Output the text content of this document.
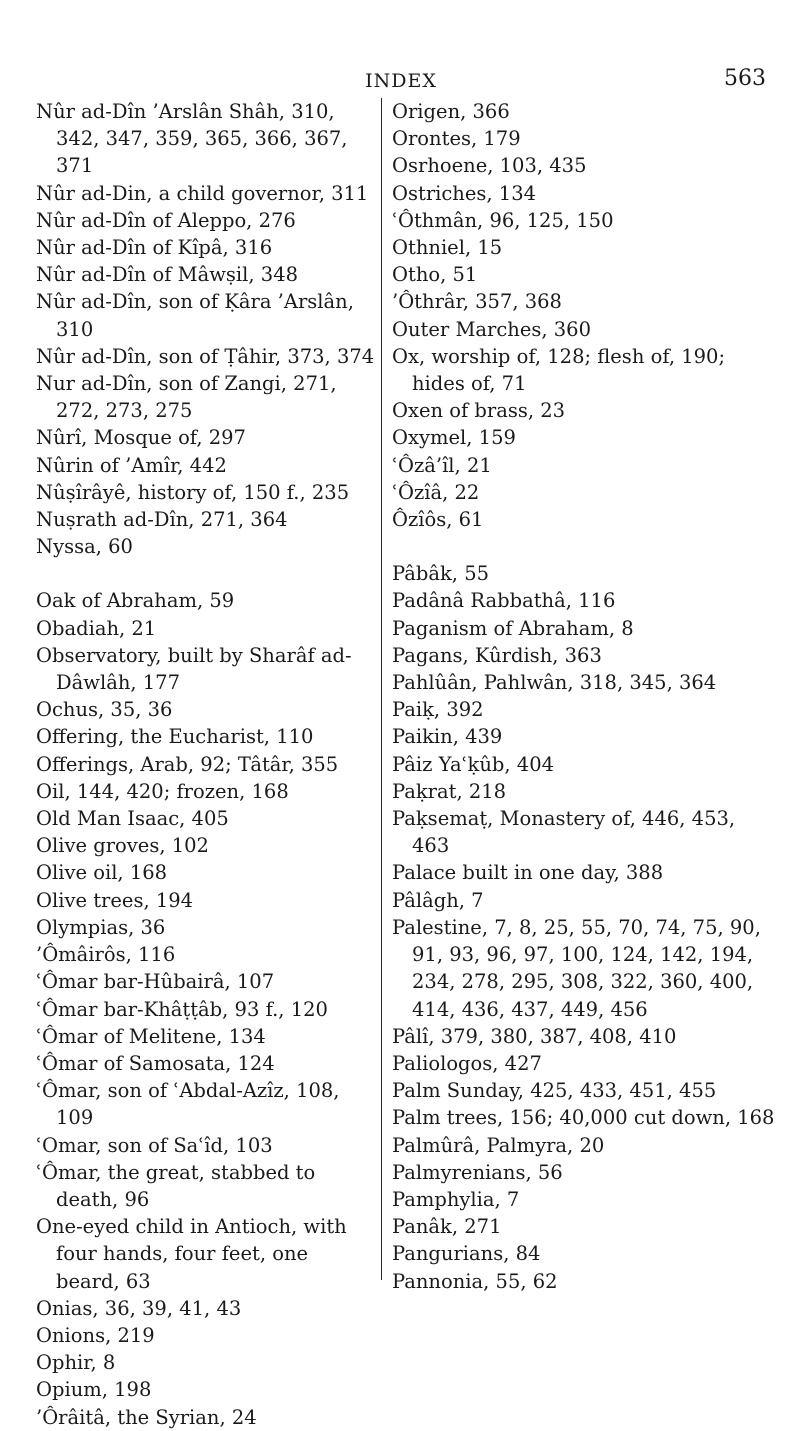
INDEX	563
Nûr ad-Dîn ’Arslân Shâh, 310, 342, 347, 359, 365, 366, 367, 371
Nûr ad-Din, a child governor, 311
Nûr ad-Dîn of Aleppo, 276
Nûr ad-Dîn of Kîpâ, 316
Nûr ad-Dîn of Mâwṣil, 348
Nûr ad-Dîn, son of Ḳâra ’Arslân, 310
Nûr ad-Dîn, son of Ṭâhir, 373, 374
Nur ad-Dîn, son of Zangi, 271, 272, 273, 275
Nûrî, Mosque of, 297
Nûrin of ’Amîr, 442
Nûṣîrâyê, history of, 150 f., 235
Nuṣrath ad-Dîn, 271, 364
Nyssa, 60
Oak of Abraham, 59
Obadiah, 21
Observatory, built by Sharâf ad-Dâwlâh, 177
Ochus, 35, 36
Offering, the Eucharist, 110
Offerings, Arab, 92; Tâtâr, 355
Oil, 144, 420; frozen, 168
Old Man Isaac, 405
Olive groves, 102
Olive oil, 168
Olive trees, 194
Olympias, 36
’Ômâirôs, 116
ʿÔmar bar-Hûbairâ, 107
ʿÔmar bar-Khâṭṭâb, 93 f., 120
ʿÔmar of Melitene, 134
ʿÔmar of Samosata, 124
ʿÔmar, son of ʿAbdal-Azîz, 108, 109
ʿOmar, son of Saʿîd, 103
ʿÔmar, the great, stabbed to death, 96
One-eyed child in Antioch, with four hands, four feet, one beard, 63
Onias, 36, 39, 41, 43
Onions, 219
Ophir, 8
Opium, 198
’Ôrâitâ, the Syrian, 24
Origen, 366
Orontes, 179
Osrhoene, 103, 435
Ostriches, 134
ʿÔthmân, 96, 125, 150
Othniel, 15
Otho, 51
’Ôthrâr, 357, 368
Outer Marches, 360
Ox, worship of, 128; flesh of, 190; hides of, 71
Oxen of brass, 23
Oxymel, 159
ʿÔzâ’îl, 21
ʿÔzîâ, 22
Ôzîôs, 61
Pâbâk, 55
Padânâ Rabbathâ, 116
Paganism of Abraham, 8
Pagans, Kûrdish, 363
Pahlûân, Pahlwân, 318, 345, 364
Paiḳ, 392
Paikin, 439
Pâiz Yaʿḳûb, 404
Paḳrat, 218
Paḳsemaṭ, Monastery of, 446, 453, 463
Palace built in one day, 388
Pâlâgh, 7
Palestine, 7, 8, 25, 55, 70, 74, 75, 90, 91, 93, 96, 97, 100, 124, 142, 194, 234, 278, 295, 308, 322, 360, 400, 414, 436, 437, 449, 456
Pâlî, 379, 380, 387, 408, 410
Paliologos, 427
Palm Sunday, 425, 433, 451, 455
Palm trees, 156; 40,000 cut down, 168
Palmûrâ, Palmyra, 20
Palmyrenians, 56
Pamphylia, 7
Panâk, 271
Pangurians, 84
Pannonia, 55, 62
